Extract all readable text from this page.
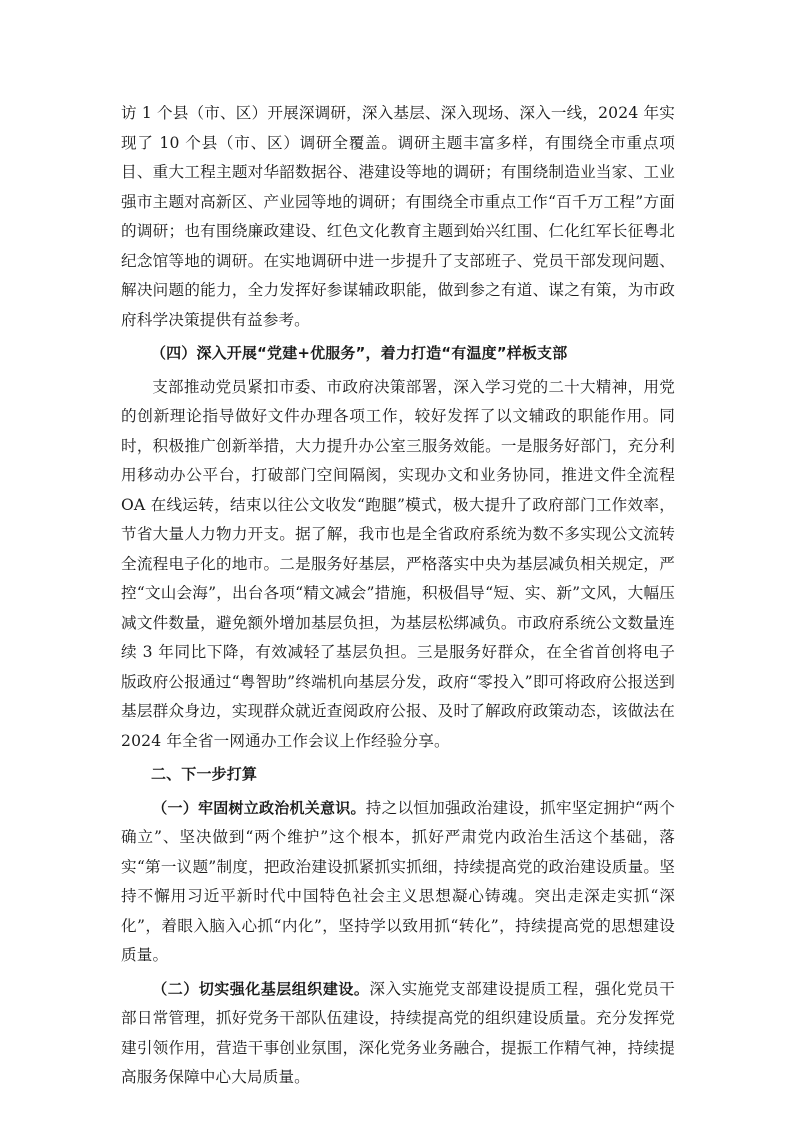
访 1 个县（市、区）开展深调研，深入基层、深入现场、深入一线，2024 年实现了 10 个县（市、区）调研全覆盖。调研主题丰富多样，有围绕全市重点项目、重大工程主题对华韶数据谷、港建设等地的调研；有围绕制造业当家、工业强市主题对高新区、产业园等地的调研；有围绕全市重点工作“百千万工程”方面的调研；也有围绕廉政建设、红色文化教育主题到始兴红围、仁化红军长征粤北纪念馆等地的调研。在实地调研中进一步提升了支部班子、党员干部发现问题、解决问题的能力，全力发挥好参谋辅政职能，做到参之有道、谋之有策，为市政府科学决策提供有益参考。

（四）深入开展“党建+优服务”，着力打造“有温度”样板支部

支部推动党员紧扣市委、市政府决策部署，深入学习党的二十大精神，用党的创新理论指导做好文件办理各项工作，较好发挥了以文辅政的职能作用。同时，积极推广创新举措，大力提升办公室三服务效能。一是服务好部门，充分利用移动办公平台，打破部门空间隔阂，实现办文和业务协同，推进文件全流程 OA 在线运转，结束以往公文收发“跑腿”模式，极大提升了政府部门工作效率，节省大量人力物力开支。据了解，我市也是全省政府系统为数不多实现公文流转全流程电子化的地市。二是服务好基层，严格落实中央为基层减负相关规定，严控“文山会海”，出台各项“精文减会”措施，积极倡导“短、实、新”文风，大幅压减文件数量，避免额外增加基层负担，为基层松绑减负。市政府系统公文数量连续 3 年同比下降，有效减轻了基层负担。三是服务好群众，在全省首创将电子版政府公报通过“粤智助”终端机向基层分发，政府“零投入”即可将政府公报送到基层群众身边，实现群众就近查阅政府公报、及时了解政府政策动态，该做法在 2024 年全省一网通办工作会议上作经验分享。

二、下一步打算

（一）牢固树立政治机关意识。持之以恒加强政治建设，抓牢坚定拥护“两个确立”、坚决做到“两个维护”这个根本，抓好严肃党内政治生活这个基础，落实“第一议题”制度，把政治建设抓紧抓实抓细，持续提高党的政治建设质量。坚持不懈用习近平新时代中国特色社会主义思想凝心铸魂。突出走深走实抓“深化”，着眼入脑入心抓“内化”，坚持学以致用抓“转化”，持续提高党的思想建设质量。

（二）切实强化基层组织建设。深入实施党支部建设提质工程，强化党员干部日常管理，抓好党务干部队伍建设，持续提高党的组织建设质量。充分发挥党建引领作用，营造干事创业氛围，深化党务业务融合，提振工作精气神，持续提高服务保障中心大局质量。
